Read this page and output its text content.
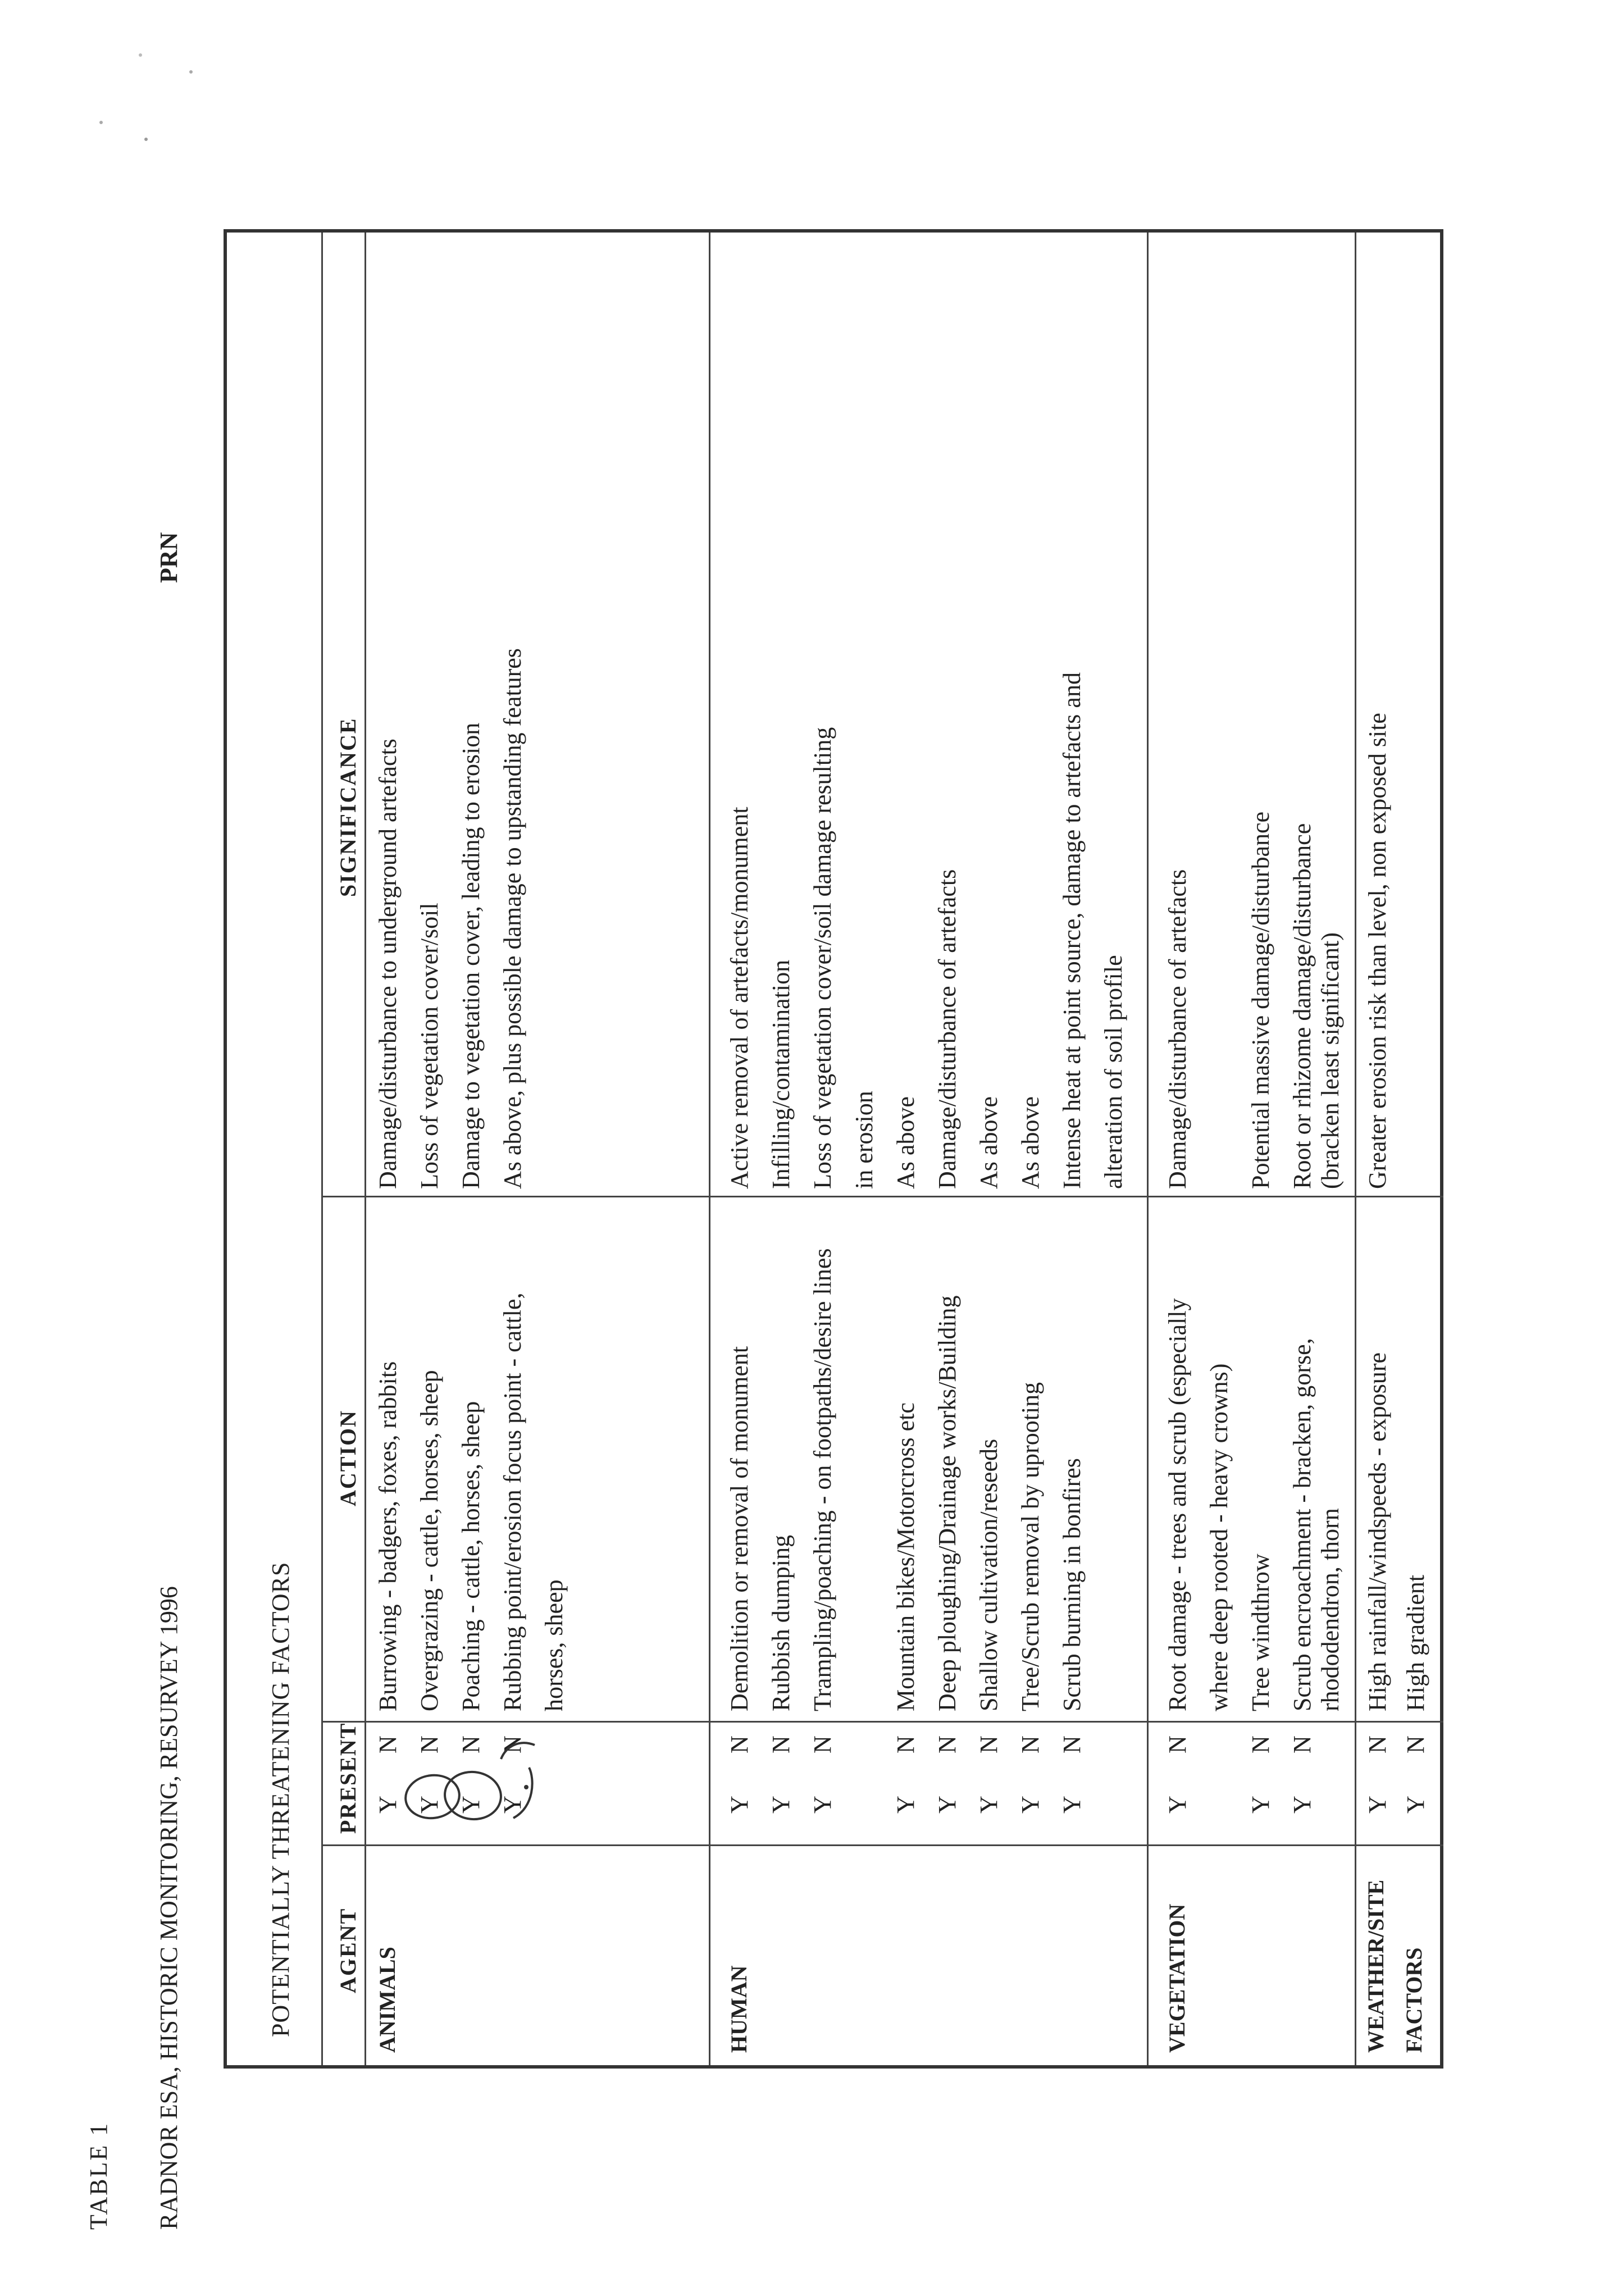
TABLE 1 RADNOR ESA, HISTORIC MONITORING, RESURVEY 1996
PRN
POTENTIALLY THREATENING FACTORS AGENT
PRESENT
ACTION
SIGNIFICANCE
ANIMALS
Y
N
Burrowing - badgers, foxes, rabbits
Damage/disturbance to underground artefacts
Y
N
Overgrazing - cattle, horses, sheep
Loss of vegetation cover/soil
Y
N
Poaching - cattle, horses, sheep
Damage to vegetation cover, leading to erosion
Y
N
Rubbing point/erosion focus point - cattle, horses, sheep
As above, plus possible damage to upstanding features
HUMAN
Y
N
Demolition or removal of monument
Active removal of artefacts/monument
Y
N
Rubbish dumping
Infilling/contamination
Y
N
Trampling/poaching - on footpaths/desire lines
Loss of vegetation cover/soil damage resulting in erosion
Y
N
Mountain bikes/Motorcross etc
As above
Y
N
Deep ploughing/Drainage works/Building
Damage/disturbance of artefacts
Y
N
Shallow cultivation/reseeds
As above
Y
N
Tree/Scrub removal by uprooting
As above
Y
N
Scrub burning in bonfires
Intense heat at point source, damage to artefacts and alteration of soil profile
VEGETATION
Y
N
Root damage - trees and scrub (especially where deep rooted - heavy crowns)
Damage/disturbance of artefacts
Y
N
Tree windthrow
Potential massive damage/disturbance
Y
N
Scrub encroachment - bracken, gorse,
Root or rhizome damage/disturbance
rhododendron, thorn
(bracken least significant)
WEATHER/SITE FACTORS
Y
N
High rainfall/windspeeds - exposure
Greater erosion risk than level, non exposed site
Y
N
High gradient
